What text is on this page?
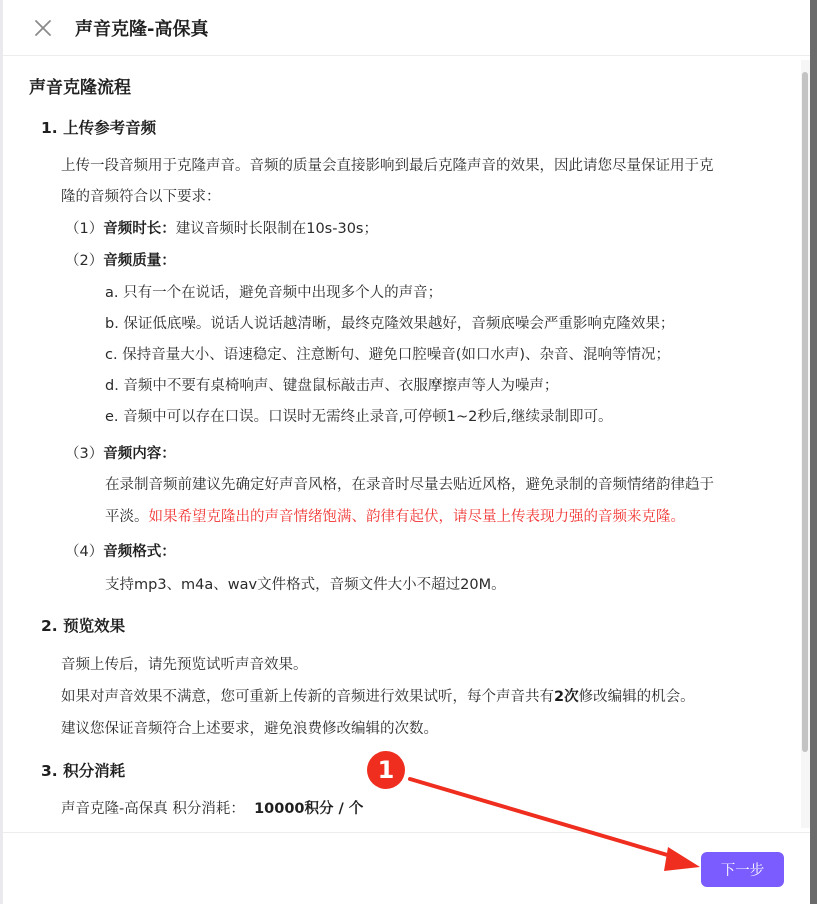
声音克隆-高保真
声音克隆流程
1. 上传参考音频
上传一段音频用于克隆声音。音频的质量会直接影响到最后克隆声音的效果，因此请您尽量保证用于克
隆的音频符合以下要求：
（1）音频时长：建议音频时长限制在10s-30s；
（2）音频质量：
a. 只有一个在说话，避免音频中出现多个人的声音；
b. 保证低底噪。说话人说话越清晰，最终克隆效果越好，音频底噪会严重影响克隆效果；
c. 保持音量大小、语速稳定、注意断句、避免口腔噪音(如口水声)、杂音、混响等情况；
d. 音频中不要有桌椅响声、键盘鼠标敲击声、衣服摩擦声等人为噪声；
e. 音频中可以存在口误。口误时无需终止录音,可停顿1~2秒后,继续录制即可。
（3）音频内容：
在录制音频前建议先确定好声音风格，在录音时尽量去贴近风格，避免录制的音频情绪韵律趋于
平淡。如果希望克隆出的声音情绪饱满、韵律有起伏，请尽量上传表现力强的音频来克隆。
（4）音频格式：
支持mp3、m4a、wav文件格式，音频文件大小不超过20M。
2. 预览效果
音频上传后，请先预览试听声音效果。
如果对声音效果不满意，您可重新上传新的音频进行效果试听，每个声音共有2次修改编辑的机会。
建议您保证音频符合上述要求，避免浪费修改编辑的次数。
3. 积分消耗
声音克隆-高保真 积分消耗： 10000积分 / 个
下一步
1
